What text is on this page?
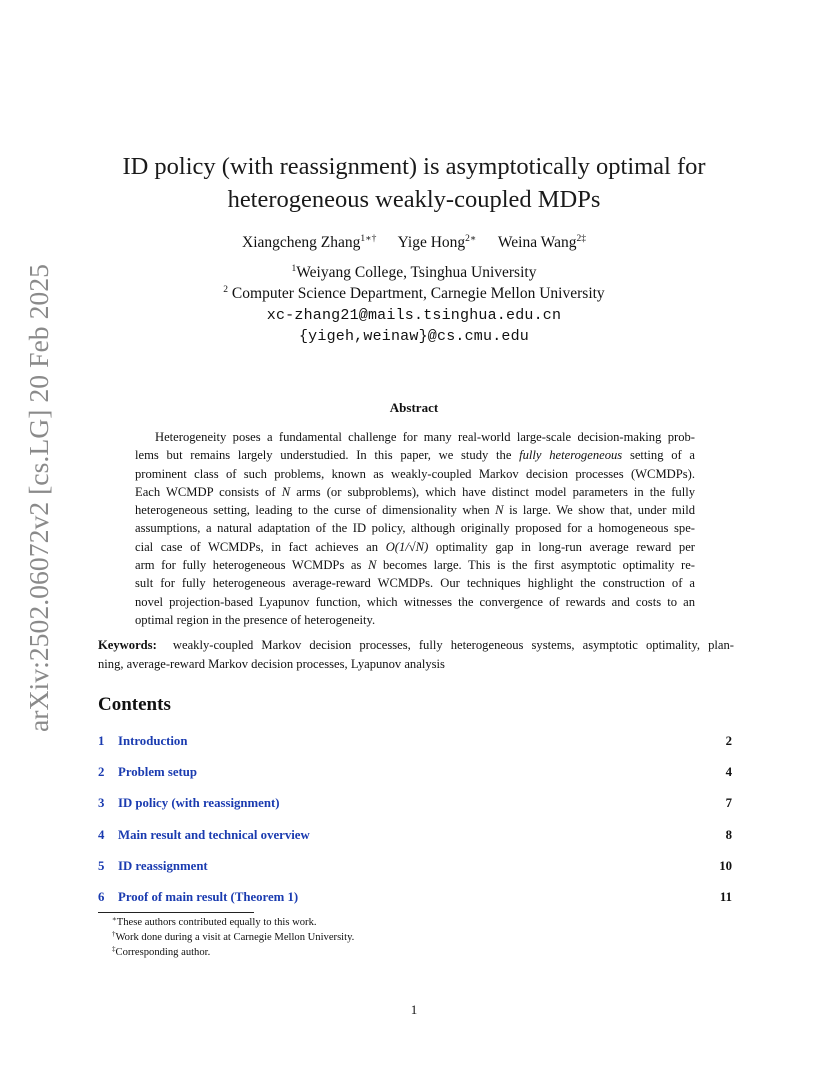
arXiv:2502.06072v2 [cs.LG] 20 Feb 2025
ID policy (with reassignment) is asymptotically optimal for
heterogeneous weakly-coupled MDPs
Xiangcheng Zhang$^{1∗\dagger}$ Yige Hong$^{2∗}$ Weina Wang$^{2\ddagger}$
$^1$Weiyang College, Tsinghua University
$^2$ Computer Science Department, Carnegie Mellon University
xc-zhang21@mails.tsinghua.edu.cn
{yigeh,weinaw}@cs.cmu.edu
Abstract
Heterogeneity poses a fundamental challenge for many real-world large-scale decision-making prob-
lems but remains largely understudied. In this paper, we study the fully heterogeneous setting of a
prominent class of such problems, known as weakly-coupled Markov decision processes (WCMDPs).
Each WCMDP consists of N arms (or subproblems), which have distinct model parameters in the fully
heterogeneous setting, leading to the curse of dimensionality when N is large. We show that, under mild
assumptions, a natural adaptation of the ID policy, although originally proposed for a homogeneous spe-
cial case of WCMDPs, in fact achieves an O(1/√N) optimality gap in long-run average reward per
arm for fully heterogeneous WCMDPs as N becomes large. This is the first asymptotic optimality re-
sult for fully heterogeneous average-reward WCMDPs. Our techniques highlight the construction of a
novel projection-based Lyapunov function, which witnesses the convergence of rewards and costs to an
optimal region in the presence of heterogeneity.
Keywords: weakly-coupled Markov decision processes, fully heterogeneous systems, asymptotic optimality, plan-
ning, average-reward Markov decision processes, Lyapunov analysis
Contents
1 Introduction	2
2 Problem setup	4
3 ID policy (with reassignment)	7
4 Main result and technical overview	8
5 ID reassignment	10
6 Proof of main result (Theorem 1)	11
∗These authors contributed equally to this work.
†Work done during a visit at Carnegie Mellon University.
‡Corresponding author.
1
